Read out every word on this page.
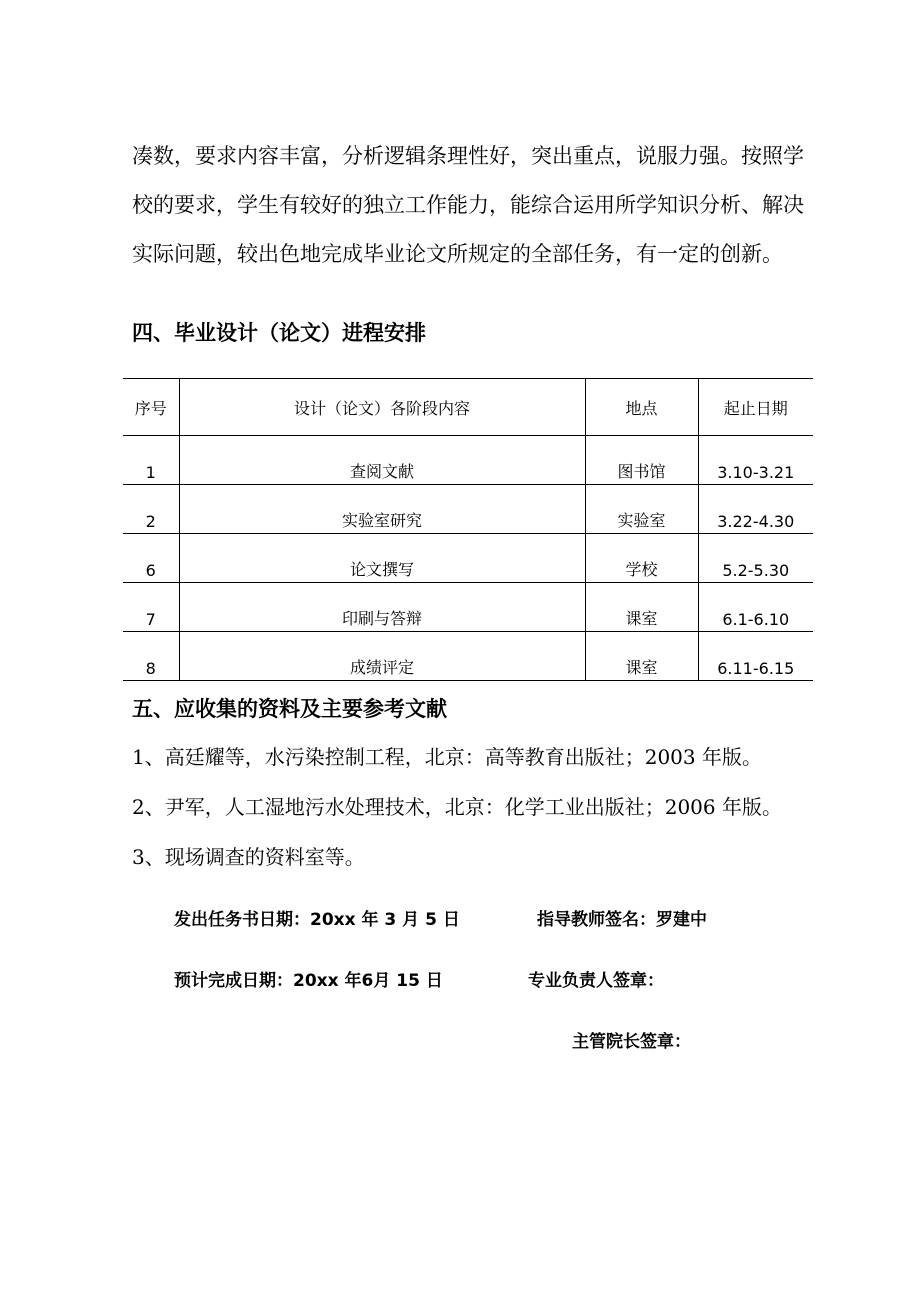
凑数，要求内容丰富，分析逻辑条理性好，突出重点，说服力强。按照学

校的要求，学生有较好的独立工作能力，能综合运用所学知识分析、解决

实际问题，较出色地完成毕业论文所规定的全部任务，有一定的创新。

四、毕业设计（论文）进程安排
序号	设计（论文）各阶段内容	地点	起止日期
1	查阅文献	图书馆	3.10-3.21
2	实验室研究	实验室	3.22-4.30
6	论文撰写	学校	5.2-5.30
7	印刷与答辩	课室	6.1-6.10
8	成绩评定	课室	6.11-6.15
五、应收集的资料及主要参考文献

1、高廷耀等，水污染控制工程，北京：高等教育出版社；2003 年版。

2、尹军，人工湿地污水处理技术，北京：化学工业出版社；2006 年版。

3、现场调查的资料室等。

发出任务书日期：20xx 年 3 月 5 日	指导教师签名：罗建中

预计完成日期：20xx 年6月 15 日	专业负责人签章：

主管院长签章：
